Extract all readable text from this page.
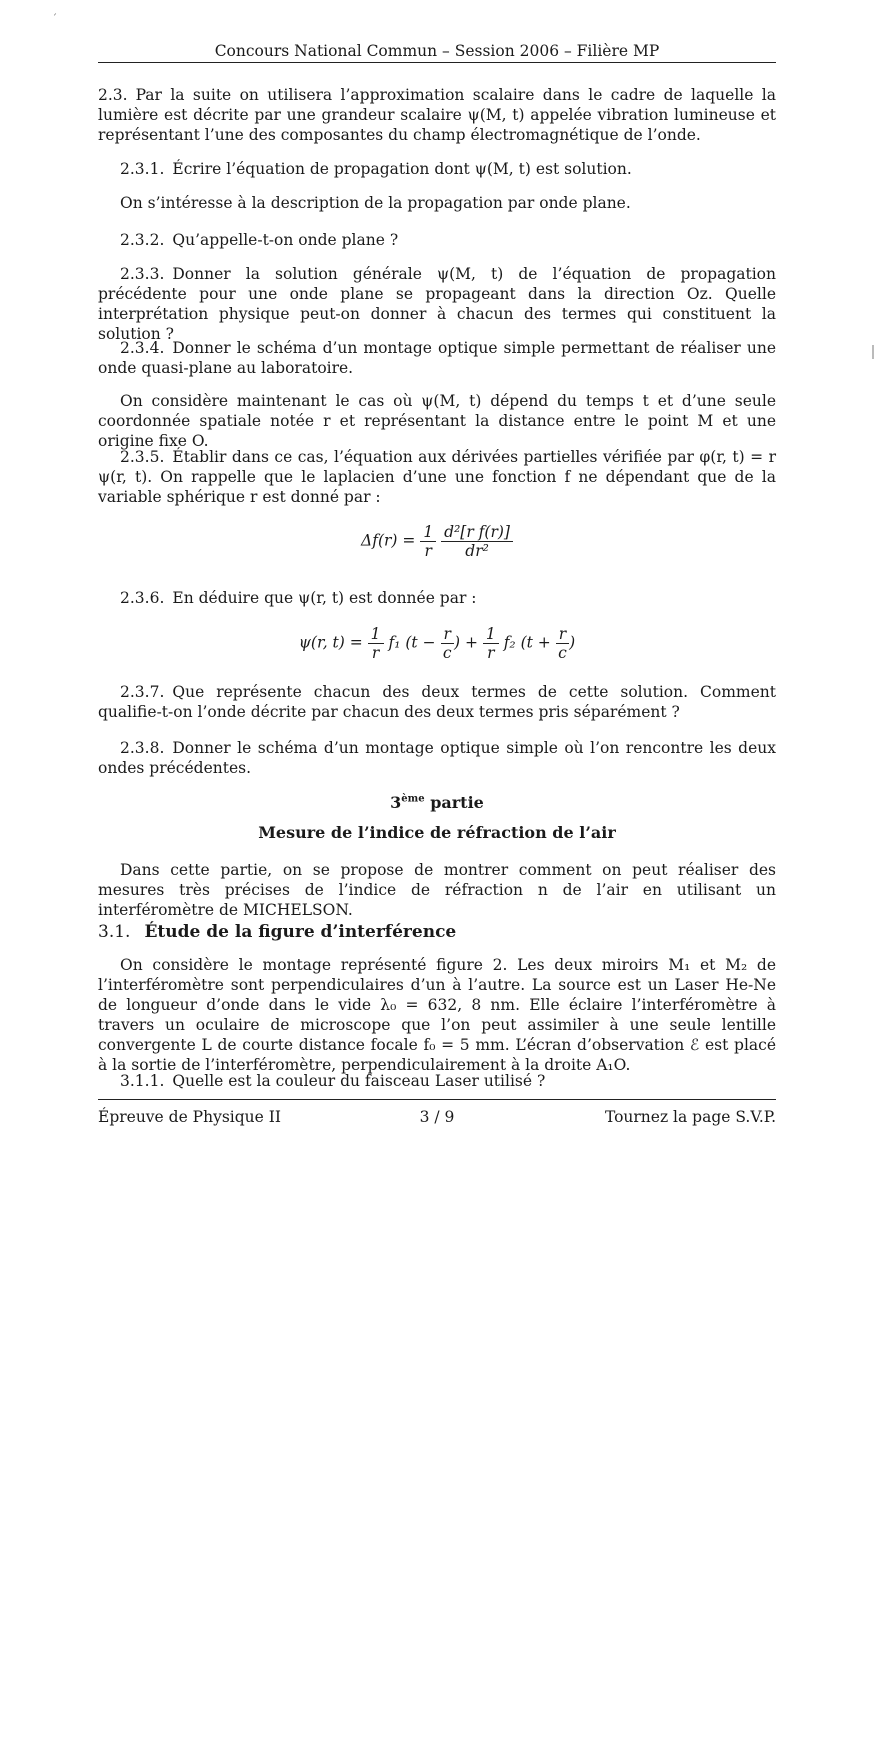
´
Concours National Commun – Session 2006 – Filière MP

2.3. Par la suite on utilisera l’approximation scalaire dans le cadre de laquelle la lumière est décrite par une grandeur scalaire ψ(M, t) appelée vibration lumineuse et représentant l’une des composantes du champ électromagnétique de l’onde.

2.3.1. Écrire l’équation de propagation dont ψ(M, t) est solution.

On s’intéresse à la description de la propagation par onde plane.

2.3.2. Qu’appelle-t-on onde plane ?

2.3.3. Donner la solution générale ψ(M, t) de l’équation de propagation précédente pour une onde plane se propageant dans la direction Oz. Quelle interprétation physique peut-on donner à chacun des termes qui constituent la solution ?

2.3.4. Donner le schéma d’un montage optique simple permettant de réaliser une onde quasi-plane au laboratoire.

On considère maintenant le cas où ψ(M, t) dépend du temps t et d’une seule coordonnée spatiale notée r et représentant la distance entre le point M et une origine fixe O.

2.3.5. Établir dans ce cas, l’équation aux dérivées partielles vérifiée par φ(r, t) = r ψ(r, t). On rappelle que le laplacien d’une une fonction f ne dépendant que de la variable sphérique r est donné par :

$\Delta f(r) = \frac{1}{r}$
$\frac{\text{d²[r f(r)]}}{\text{dr²}}$

2.3.6. En déduire que ψ(r, t) est donnée par :

ψ(r, $t) = \frac{1}{r} f_1$ ($t - \frac{r}{c}$ ) + $\frac{1}{r} f_2$ ($t + \frac{r}{c}$ )

2.3.7. Que représente chacun des deux termes de cette solution. Comment qualifie-t-on l’onde décrite par chacun des deux termes pris séparément ?

2.3.8. Donner le schéma d’un montage optique simple où l’on rencontre les deux ondes précédentes.

3ème partie
Mesure de l’indice de réfraction de l’air

Dans cette partie, on se propose de montrer comment on peut réaliser des mesures très précises de l’indice de réfraction n de l’air en utilisant un interféromètre de MICHELSON.

3.1. Étude de la figure d’interférence

On considère le montage représenté figure 2. Les deux miroirs M₁ et M₂ de l’interféromètre sont perpendiculaires d’un à l’autre. La source est un Laser He-Ne de longueur d’onde dans le vide λ₀ = 632, 8 nm. Elle éclaire l’interféromètre à travers un oculaire de microscope que l’on peut assimiler à une seule lentille convergente L de courte distance focale f₀ = 5 mm. L’écran d’observation ℰ est placé à la sortie de l’interféromètre, perpendiculairement à la droite A₁O.

3.1.1. Quelle est la couleur du faisceau Laser utilisé ?

Épreuve de Physique II	3 / 9	Tournez la page S.V.P.
